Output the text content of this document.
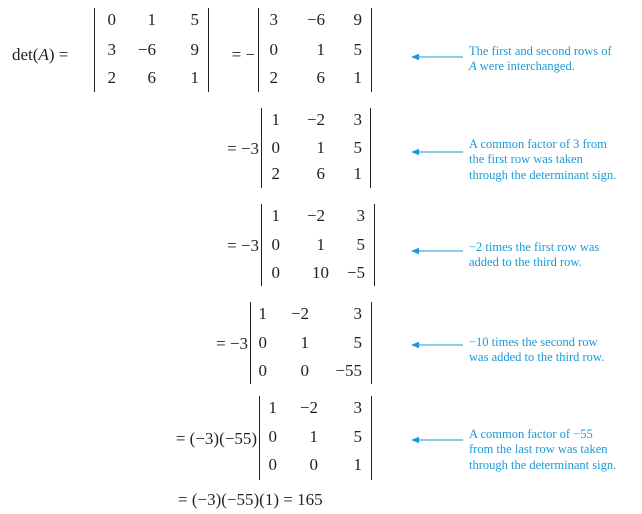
det(A) =
0 1 5
3 −6 9
2 6 1
= −
3 −6 9
0 1 5
2 6 1
The first and second rows of
A were interchanged.
= −3
1 −2 3
0 1 5
2 6 1
A common factor of 3 from
the first row was taken
through the determinant sign.
= −3
1 −2 3
0 1 5
0 10 −5
−2 times the first row was
added to the third row.
= −3
1 −2	3
0 1	5
0 0 −55
−10 times the second row
was added to the third row.
= (−3)(−55)
1 −2 3
0 1 5
0 0 1
A common factor of −55
from the last row was taken
through the determinant sign.
= (−3)(−55)(1) = 165
